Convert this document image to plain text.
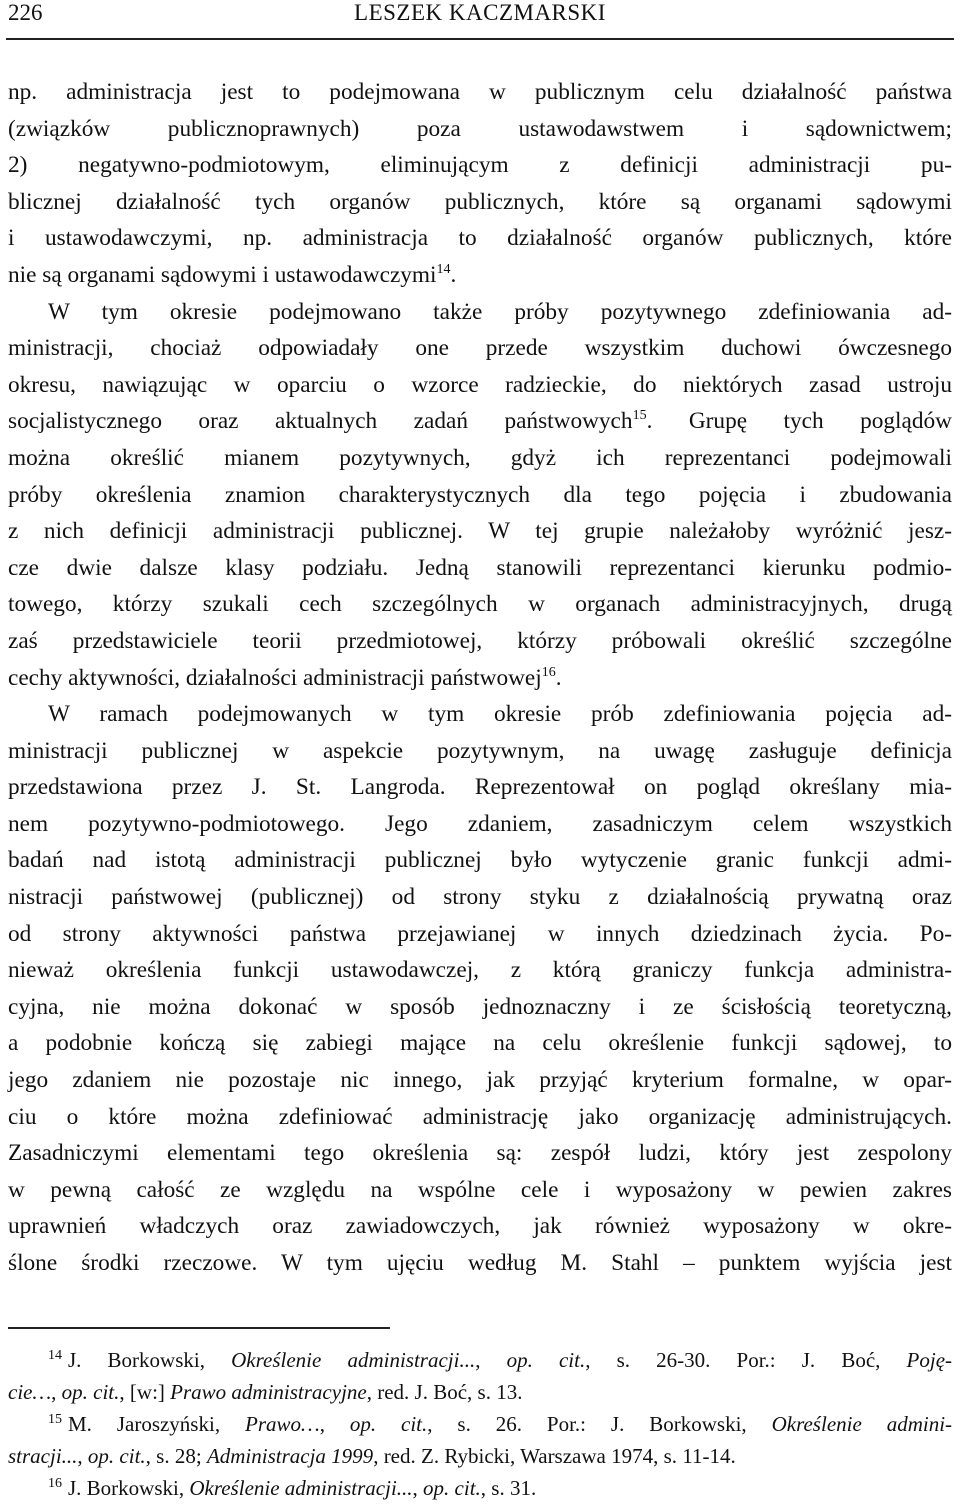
226	LESZEK KACZMARSKI
np. administracja jest to podejmowana w publicznym celu działalność państwa
(związków publicznoprawnych) poza ustawodawstwem i sądownictwem;
2) negatywno-podmiotowym, eliminującym z definicji administracji pu-
blicznej działalność tych organów publicznych, które są organami sądowymi
i ustawodawczymi, np. administracja to działalność organów publicznych, które
nie są organami sądowymi i ustawodawczymi$^{14}$.
W tym okresie podejmowano także próby pozytywnego zdefiniowania ad-
ministracji, chociaż odpowiadały one przede wszystkim duchowi ówczesnego
okresu, nawiązując w oparciu o wzorce radzieckie, do niektórych zasad ustroju
socjalistycznego oraz aktualnych zadań państwowych$^{15}$. Grupę tych poglądów
można określić mianem pozytywnych, gdyż ich reprezentanci podejmowali
próby określenia znamion charakterystycznych dla tego pojęcia i zbudowania
z nich definicji administracji publicznej. W tej grupie należałoby wyróżnić jesz-
cze dwie dalsze klasy podziału. Jedną stanowili reprezentanci kierunku podmio-
towego, którzy szukali cech szczególnych w organach administracyjnych, drugą
zaś przedstawiciele teorii przedmiotowej, którzy próbowali określić szczególne
cechy aktywności, działalności administracji państwowej$^{16}$.
W ramach podejmowanych w tym okresie prób zdefiniowania pojęcia ad-
ministracji publicznej w aspekcie pozytywnym, na uwagę zasługuje definicja
przedstawiona przez J. St. Langroda. Reprezentował on pogląd określany mia-
nem pozytywno-podmiotowego. Jego zdaniem, zasadniczym celem wszystkich
badań nad istotą administracji publicznej było wytyczenie granic funkcji admi-
nistracji państwowej (publicznej) od strony styku z działalnością prywatną oraz
od strony aktywności państwa przejawianej w innych dziedzinach życia. Po-
nieważ określenia funkcji ustawodawczej, z którą graniczy funkcja administra-
cyjna, nie można dokonać w sposób jednoznaczny i ze ścisłością teoretyczną,
a podobnie kończą się zabiegi mające na celu określenie funkcji sądowej, to
jego zdaniem nie pozostaje nic innego, jak przyjąć kryterium formalne, w opar-
ciu o które można zdefiniować administrację jako organizację administrujących.
Zasadniczymi elementami tego określenia są: zespół ludzi, który jest zespolony
w pewną całość ze względu na wspólne cele i wyposażony w pewien zakres
uprawnień władczych oraz zawiadowczych, jak również wyposażony w okre-
ślone środki rzeczowe. W tym ujęciu według M. Stahl – punktem wyjścia jest
$^{14}$ J. Borkowski, Określenie administracji..., op. cit., s. 26-30. Por.: J. Boć, Poję-
cie…, op. cit., [w:] Prawo administracyjne, red. J. Boć, s. 13.
$^{15}$ M. Jaroszyński, Prawo…, op. cit., s. 26. Por.: J. Borkowski, Określenie admini-
stracji..., op. cit., s. 28; Administracja 1999, red. Z. Rybicki, Warszawa 1974, s. 11-14.
$^{16}$ J. Borkowski, Określenie administracji..., op. cit., s. 31.
